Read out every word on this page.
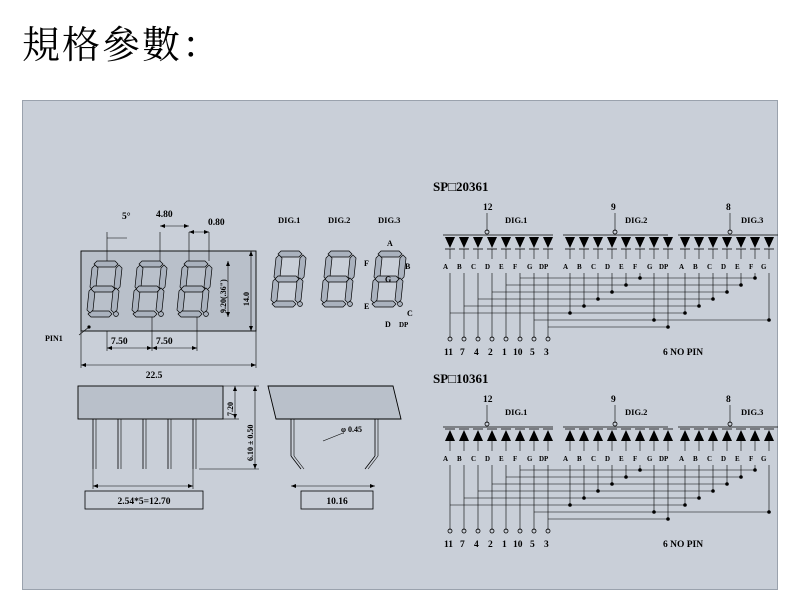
規格參數：
5°	4.80
0.80
9.20(.36") 14.0
PIN1	7.50	7.50
22.5
DIG.1	DIG.2	DIG.3
A
B
C
D
E
F
G
DP
7.20
6.10 ± 0.50
2.54*5=12.70
φ 0.45
10.16
SP□20361
12	9	8
DIG.1	DIG.2	DIG.3
A B C D E F G DP A B C D E F G DP A B C D E F G
11 7 4 2 1 10 5 3	6 NO PIN
SP□10361
12	9	8
DIG.1	DIG.2	DIG.3
A B C D E F G DP A B C D E F G DP A B C D E F G
11 7 4 2 1 10 5 3	6 NO PIN
